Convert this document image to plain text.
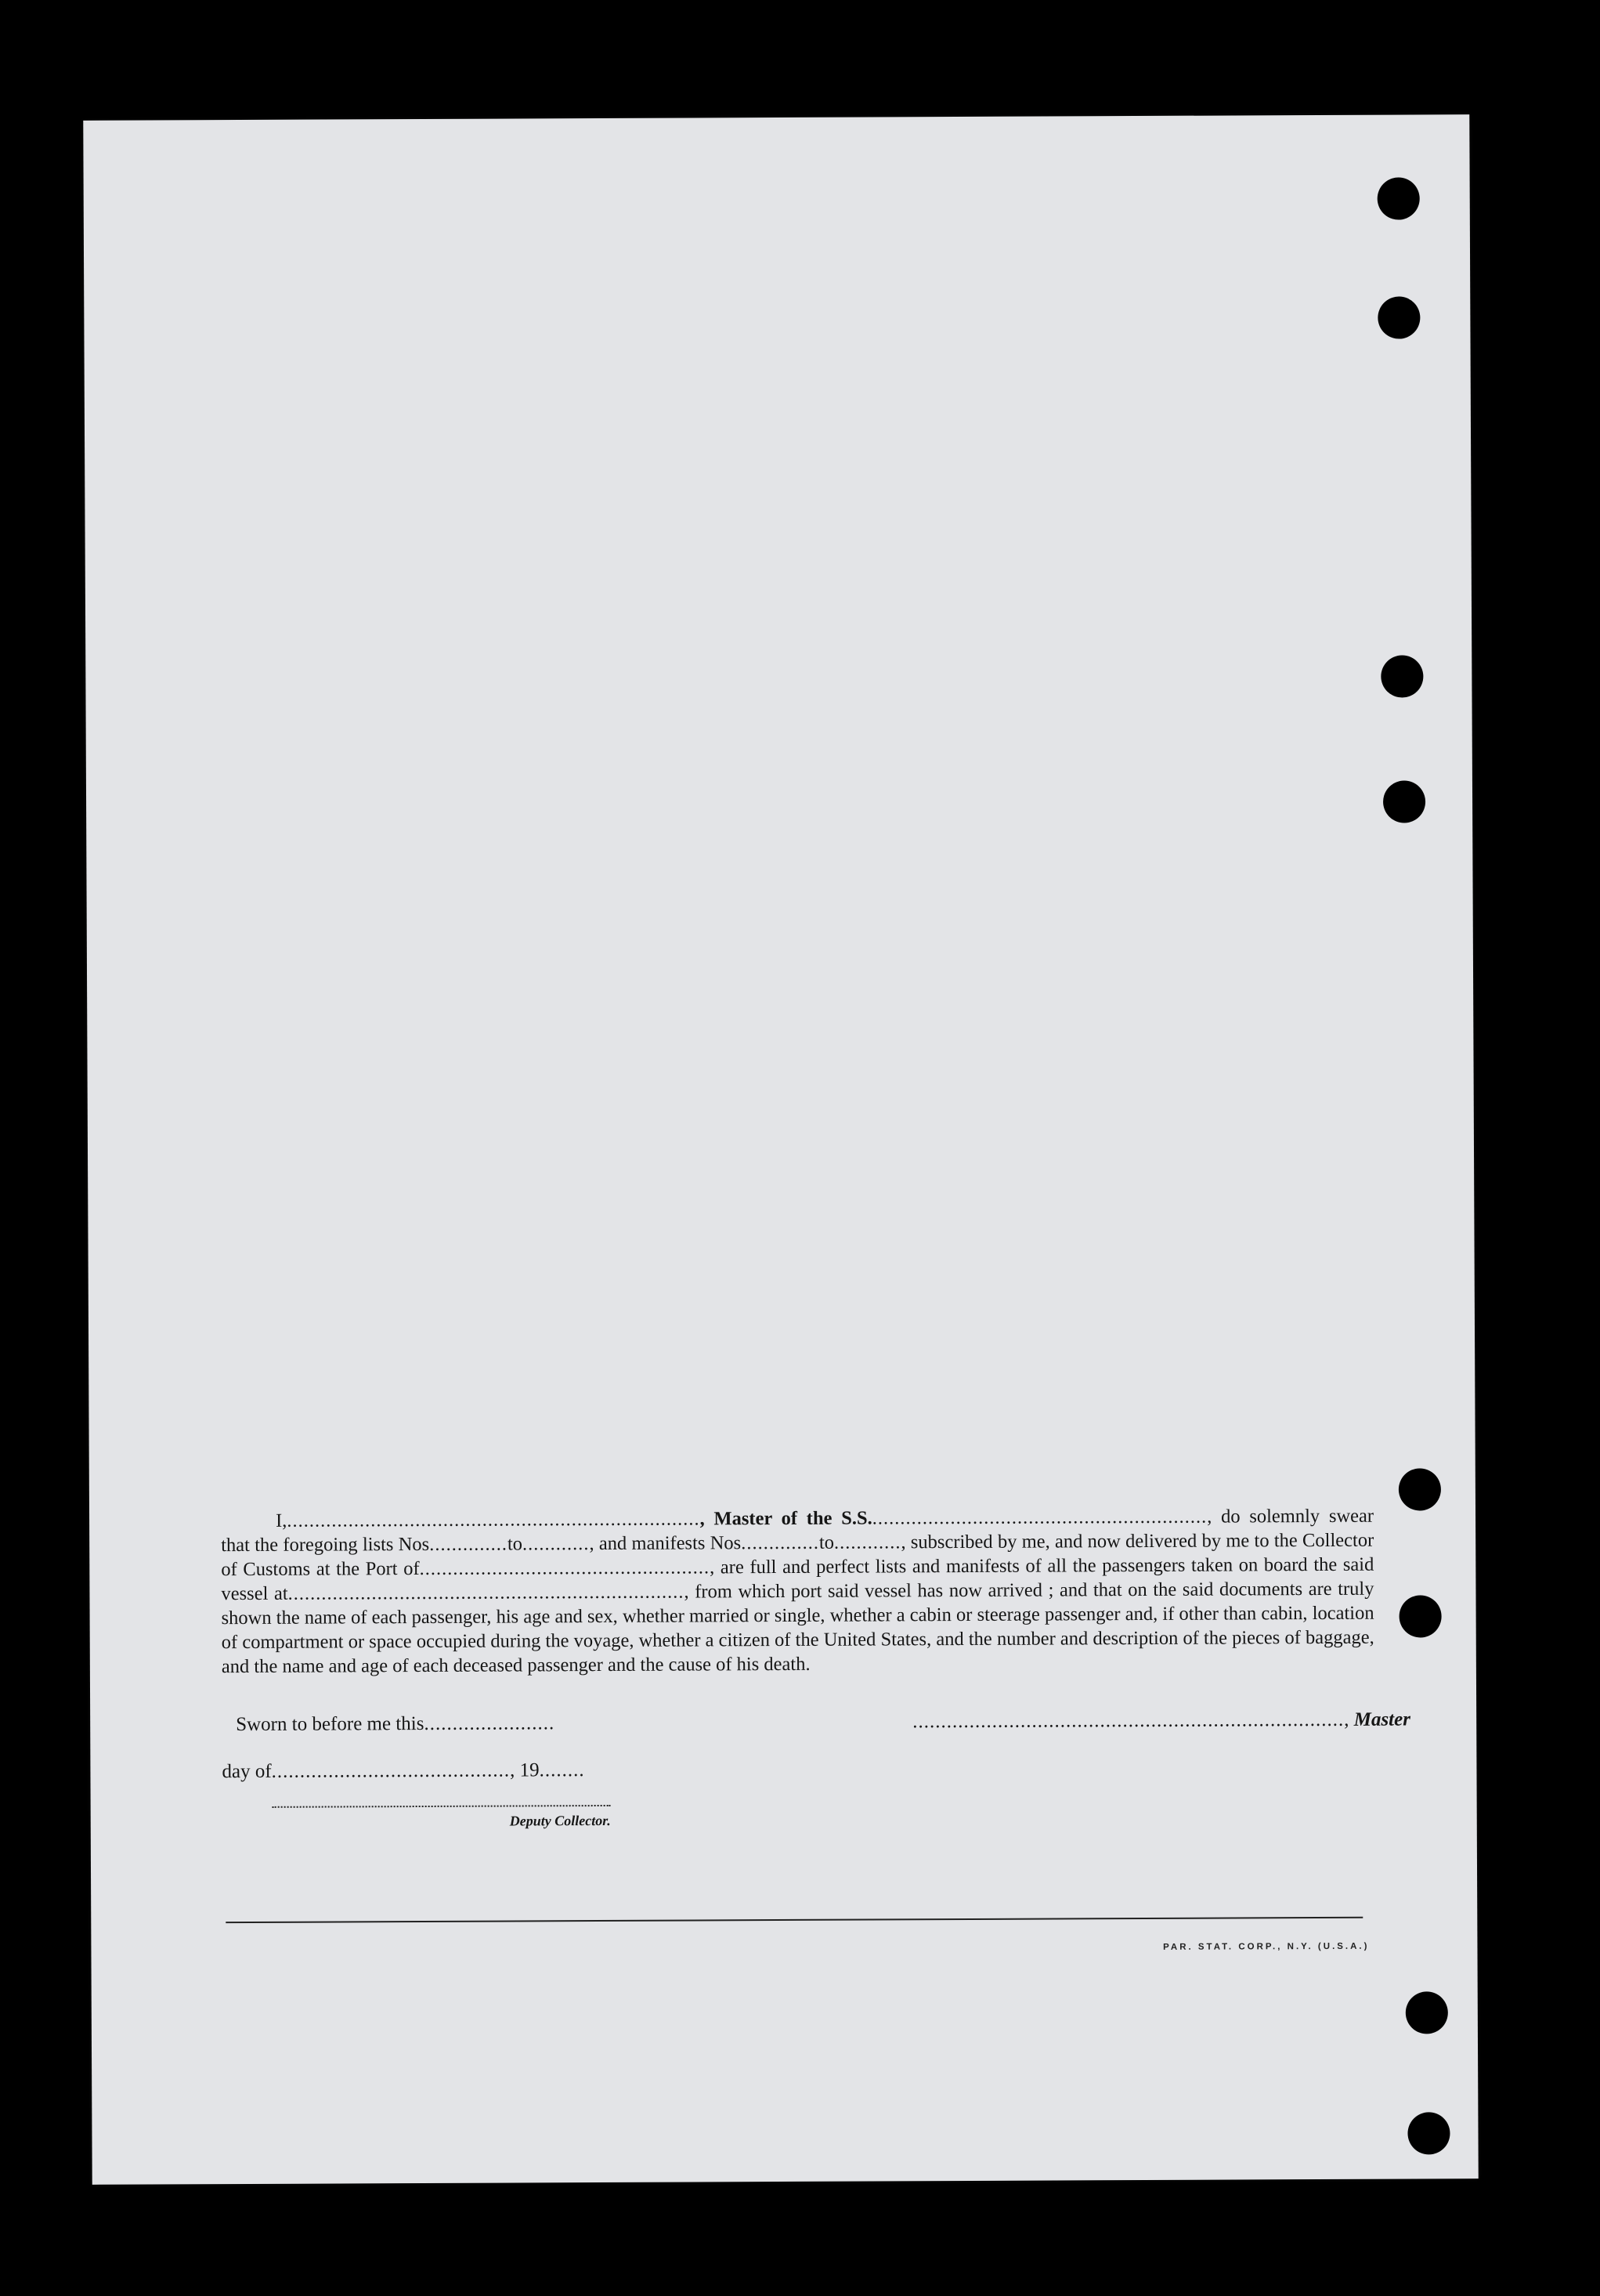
I,.........................................................................., Master of the S.S............................................................., do solemnly swear that the foregoing lists Nos..............to............, and manifests Nos..............to............, subscribed by me, and now delivered by me to the Collector of Customs at the Port of...................................................., are full and perfect lists and manifests of all the passengers taken on board the said vessel at......................................................................., from which port said vessel has now arrived ; and that on the said documents are truly shown the name of each passenger, his age and sex, whether married or single, whether a cabin or steerage passenger and, if other than cabin, location of compartment or space occupied during the voyage, whether a citizen of the United States, and the number and description of the pieces of baggage, and the name and age of each deceased passenger and the cause of his death.
Sworn to before me this.......................	............................................................................, Master
day of.........................................., 19........
Deputy Collector.
PAR. STAT. CORP., N.Y. (U.S.A.)
